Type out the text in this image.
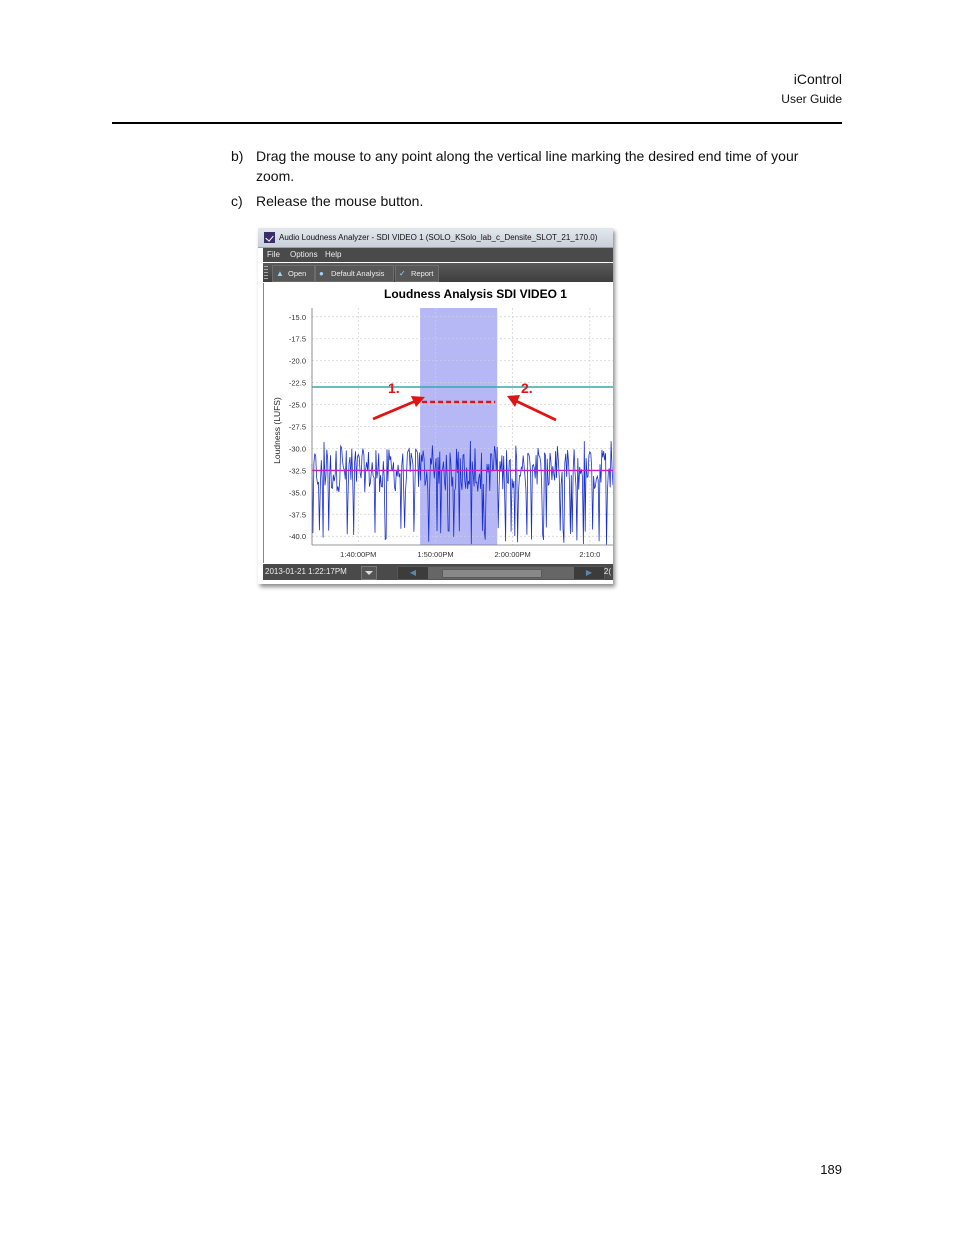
iControl
User Guide
b) Drag the mouse to any point along the vertical line marking the desired end time of your zoom.
c) Release the mouse button.
Audio Loudness Analyzer - SDI VIDEO 1 (SOLO_KSolo_lab_c_Densite_SLOT_21_170.0)
File Options Help
▲ Open ● Default Analysis ✓ Report
Loudness Analysis SDI VIDEO 1
-15.0
-17.5
-20.0
-22.5
-25.0
-27.5
-30.0
-32.5
-35.0
-37.5
-40.0
1:40:00PM	1:50:00PM	2:00:00PM	2:10:0
Loudness (LUFS)
1.	2.
2013-01-21 1:22:17PM	◀	▶	2(
189
